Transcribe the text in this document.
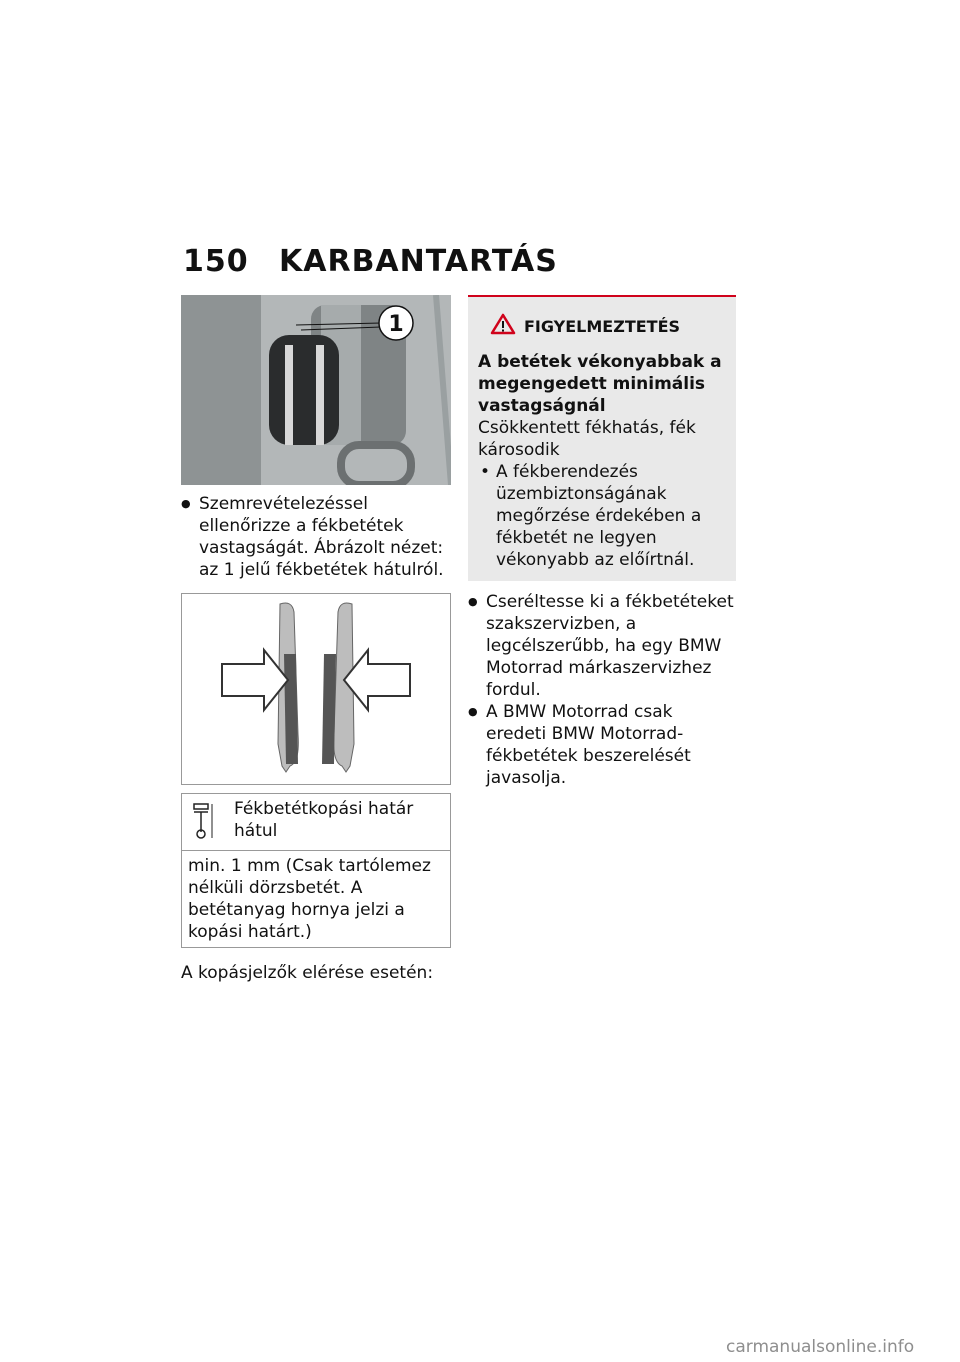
150 KARBANTARTÁS
1
● Szemrevételezéssel ellenőrizze a fékbetétek vastagságát. Ábrázolt nézet: az 1 jelű fékbetétek hátulról.
Fékbetétkopási határ hátul
min. 1 mm (Csak tartólemez nélküli dörzsbetét. A betétanyag hornya jelzi a kopási határt.)
A kopásjelzők elérése esetén:
FIGYELMEZTETÉS
A betétek vékonyabbak a megengedett minimális vastagságnál
Csökkentett fékhatás, fék károsodik
• A fékberendezés üzembiztonságának megőrzése érdekében a fékbetét ne legyen vékonyabb az előírtnál.
● Cseréltesse ki a fékbetéteket szakszervizben, a legcélszerűbb, ha egy BMW Motorrad márkaszervizhez fordul.
● A BMW Motorrad csak eredeti BMW Motorrad-fékbetétek beszerelését javasolja.
carmanualsonline.info
